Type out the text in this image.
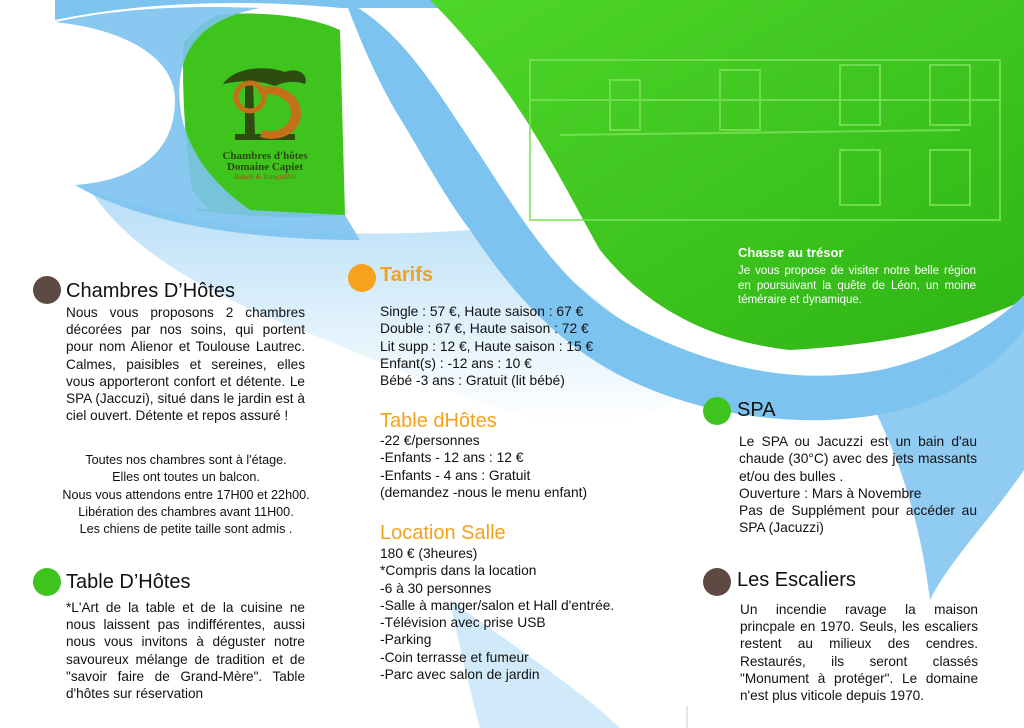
Chambres d'hôtes
Domaine Capiet
Balade & Tranquillité
Chambres D’Hôtes
Nous vous proposons 2 chambres décorées par nos soins, qui portent pour nom Alienor et Toulouse Lautrec. Calmes, paisibles et sereines, elles vous apporteront confort et détente. Le SPA (Jaccuzi), situé dans le jardin est à ciel ouvert. Détente et repos assuré !
Toutes nos chambres sont à l'étage.
Elles ont toutes un balcon.
Nous vous attendons entre 17H00 et 22h00.
Libération des chambres avant 11H00.
Les chiens de petite taille sont admis .
Table D’Hôtes
*L'Art de la table et de la cuisine ne nous laissent pas indifférentes, aussi nous vous invitons à déguster notre savoureux mélange de tradition et de "savoir faire de Grand-Mère". Table d'hôtes sur réservation
Tarifs
Single : 57 €, Haute saison : 67 €
Double : 67 €, Haute saison : 72 €
Lit supp : 12 €, Haute saison : 15 €
Enfant(s) : -12 ans : 10 €
Bébé -3 ans : Gratuit (lit bébé)
Table dHôtes
-22 €/personnes
-Enfants - 12 ans : 12 €
-Enfants - 4 ans : Gratuit
(demandez -nous le menu enfant)
Location Salle
180 € (3heures)
*Compris dans la location
-6 à 30 personnes
-Salle à manger/salon et Hall d'entrée.
-Télévision avec prise USB
-Parking
-Coin terrasse et fumeur
-Parc avec salon de jardin
Chasse au trésor
Je vous propose de visiter notre belle région en poursuivant la quête de Léon, un moine téméraire et dynamique.
SPA
Le SPA ou Jacuzzi est un bain d'au chaude (30°C) avec des jets massants et/ou des bulles .
Ouverture : Mars à Novembre
Pas de Supplément pour accéder au SPA (Jacuzzi)
Les Escaliers
Un incendie ravage la maison princpale en 1970. Seuls, les escaliers restent au milieux des cendres. Restaurés, ils seront classés "Monument à protéger". Le domaine n'est plus viticole depuis 1970.
